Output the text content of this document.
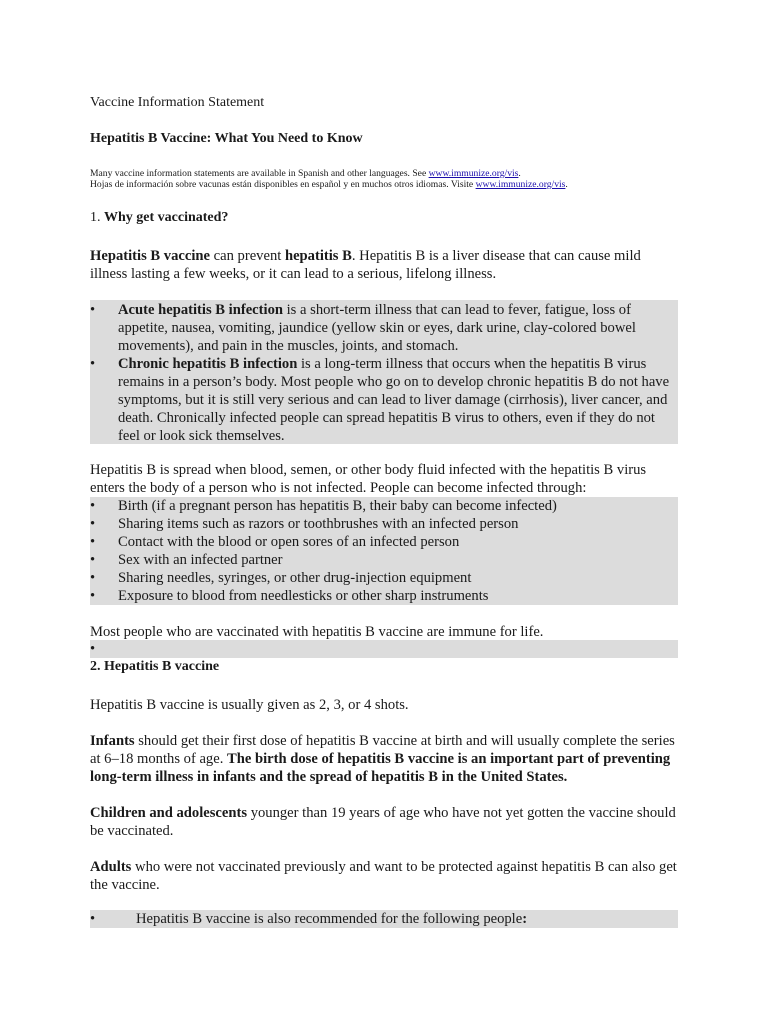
Vaccine Information Statement
Hepatitis B Vaccine: What You Need to Know
Many vaccine information statements are available in Spanish and other languages. See www.immunize.org/vis.
Hojas de información sobre vacunas están disponibles en español y en muchos otros idiomas. Visite www.immunize.org/vis.
1. Why get vaccinated?
Hepatitis B vaccine can prevent hepatitis B. Hepatitis B is a liver disease that can cause mild illness lasting a few weeks, or it can lead to a serious, lifelong illness.
• Acute hepatitis B infection is a short-term illness that can lead to fever, fatigue, loss of appetite, nausea, vomiting, jaundice (yellow skin or eyes, dark urine, clay-colored bowel movements), and pain in the muscles, joints, and stomach.
• Chronic hepatitis B infection is a long-term illness that occurs when the hepatitis B virus remains in a person’s body. Most people who go on to develop chronic hepatitis B do not have symptoms, but it is still very serious and can lead to liver damage (cirrhosis), liver cancer, and death. Chronically infected people can spread hepatitis B virus to others, even if they do not feel or look sick themselves.
Hepatitis B is spread when blood, semen, or other body fluid infected with the hepatitis B virus enters the body of a person who is not infected. People can become infected through:
• Birth (if a pregnant person has hepatitis B, their baby can become infected)
• Sharing items such as razors or toothbrushes with an infected person
• Contact with the blood or open sores of an infected person
• Sex with an infected partner
• Sharing needles, syringes, or other drug-injection equipment
• Exposure to blood from needlesticks or other sharp instruments
Most people who are vaccinated with hepatitis B vaccine are immune for life.
•
2. Hepatitis B vaccine
Hepatitis B vaccine is usually given as 2, 3, or 4 shots.
Infants should get their first dose of hepatitis B vaccine at birth and will usually complete the series at 6–18 months of age. The birth dose of hepatitis B vaccine is an important part of preventing long-term illness in infants and the spread of hepatitis B in the United States.
Children and adolescents younger than 19 years of age who have not yet gotten the vaccine should be vaccinated.
Adults who were not vaccinated previously and want to be protected against hepatitis B can also get the vaccine.
•	Hepatitis B vaccine is also recommended for the following people:
